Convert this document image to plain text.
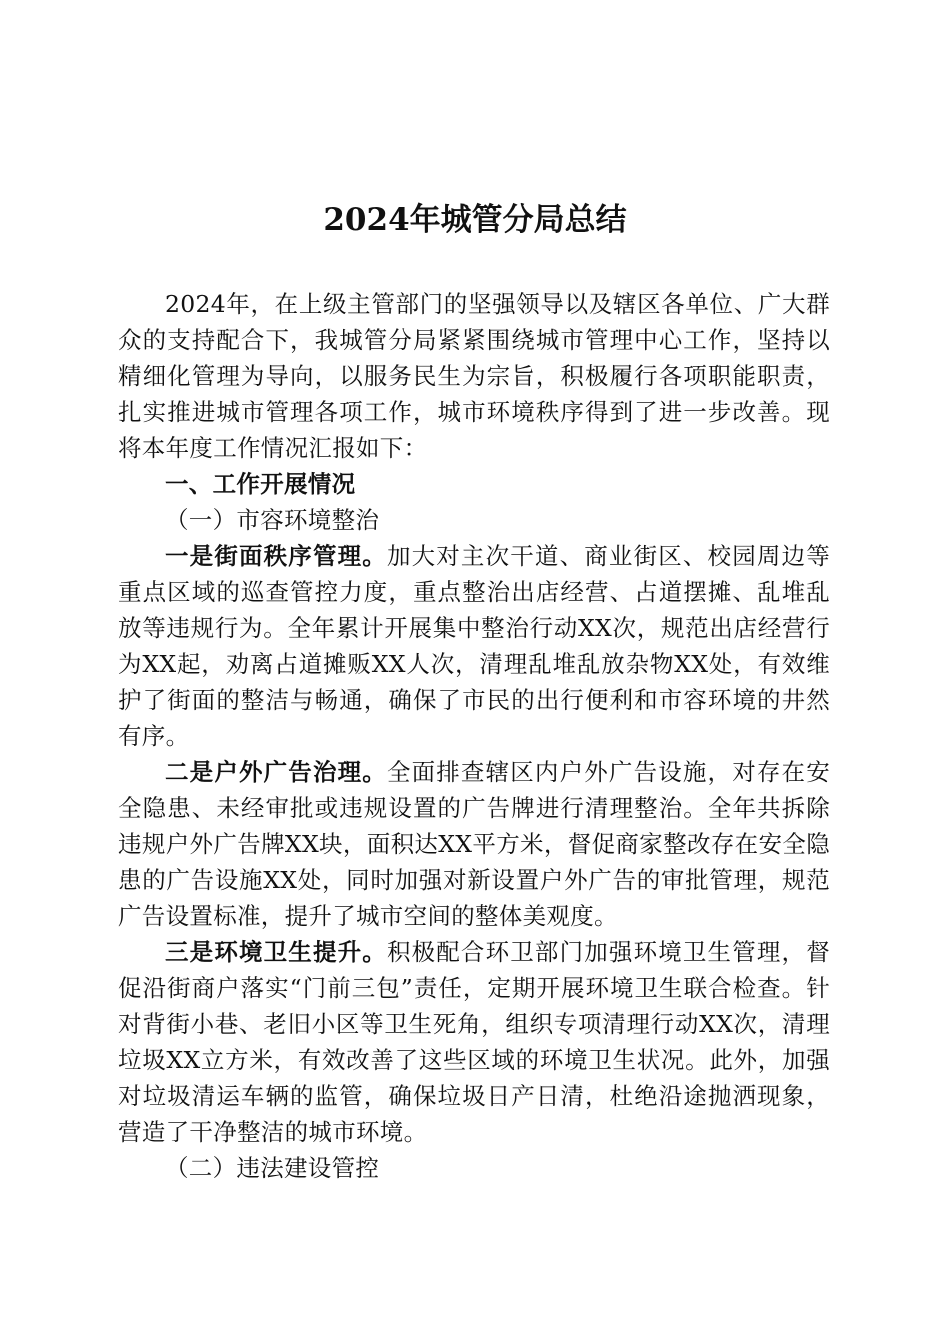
2024年城管分局总结

2024年，在上级主管部门的坚强领导以及辖区各单位、广大群众的支持配合下，我城管分局紧紧围绕城市管理中心工作，坚持以精细化管理为导向，以服务民生为宗旨，积极履行各项职能职责，扎实推进城市管理各项工作，城市环境秩序得到了进一步改善。现将本年度工作情况汇报如下：

一、工作开展情况

（一）市容环境整治

一是街面秩序管理。加大对主次干道、商业街区、校园周边等重点区域的巡查管控力度，重点整治出店经营、占道摆摊、乱堆乱放等违规行为。全年累计开展集中整治行动XX次，规范出店经营行为XX起，劝离占道摊贩XX人次，清理乱堆乱放杂物XX处，有效维护了街面的整洁与畅通，确保了市民的出行便利和市容环境的井然有序。

二是户外广告治理。全面排查辖区内户外广告设施，对存在安全隐患、未经审批或违规设置的广告牌进行清理整治。全年共拆除违规户外广告牌XX块，面积达XX平方米，督促商家整改存在安全隐患的广告设施XX处，同时加强对新设置户外广告的审批管理，规范广告设置标准，提升了城市空间的整体美观度。

三是环境卫生提升。积极配合环卫部门加强环境卫生管理，督促沿街商户落实“门前三包”责任，定期开展环境卫生联合检查。针对背街小巷、老旧小区等卫生死角，组织专项清理行动XX次，清理垃圾XX立方米，有效改善了这些区域的环境卫生状况。此外，加强对垃圾清运车辆的监管，确保垃圾日产日清，杜绝沿途抛洒现象，营造了干净整洁的城市环境。

（二）违法建设管控
